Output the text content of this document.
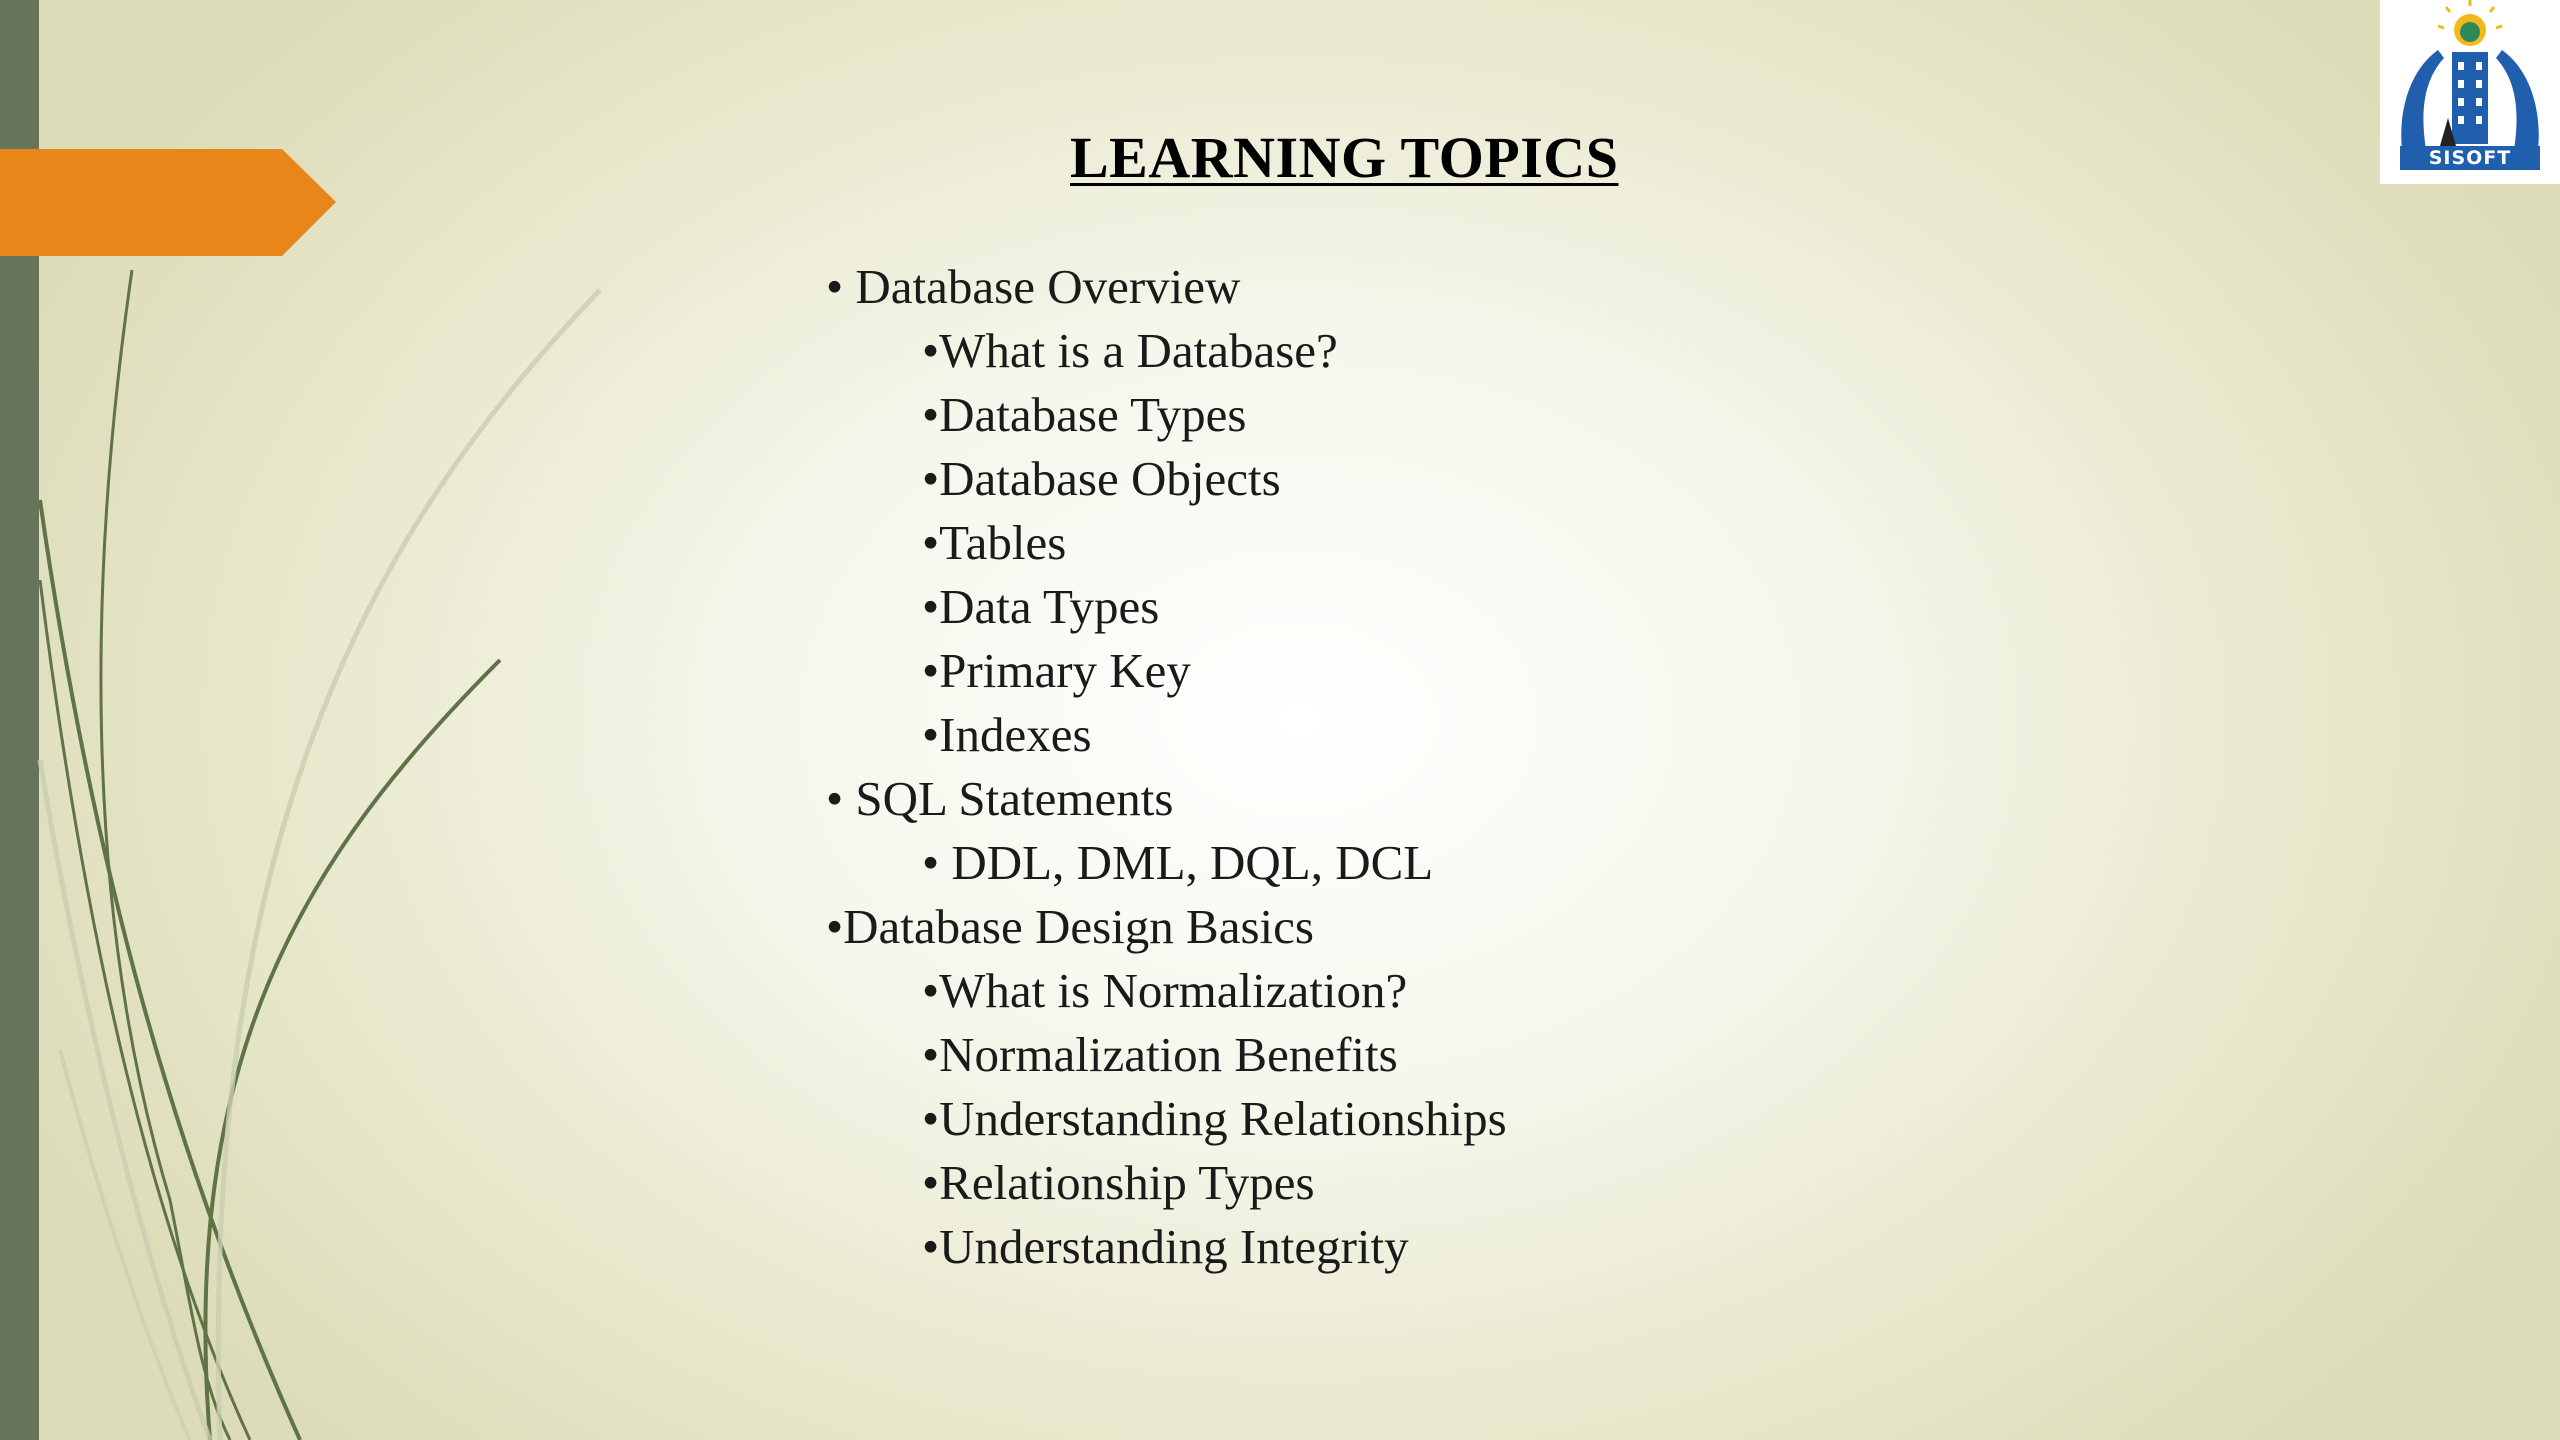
SISOFT
LEARNING TOPICS
• Database Overview
•What is a Database?
•Database Types
•Database Objects
•Tables
•Data Types
•Primary Key
•Indexes
• SQL Statements
• DDL, DML, DQL, DCL
•Database Design Basics
•What is Normalization?
•Normalization Benefits
•Understanding Relationships
•Relationship Types
•Understanding Integrity
